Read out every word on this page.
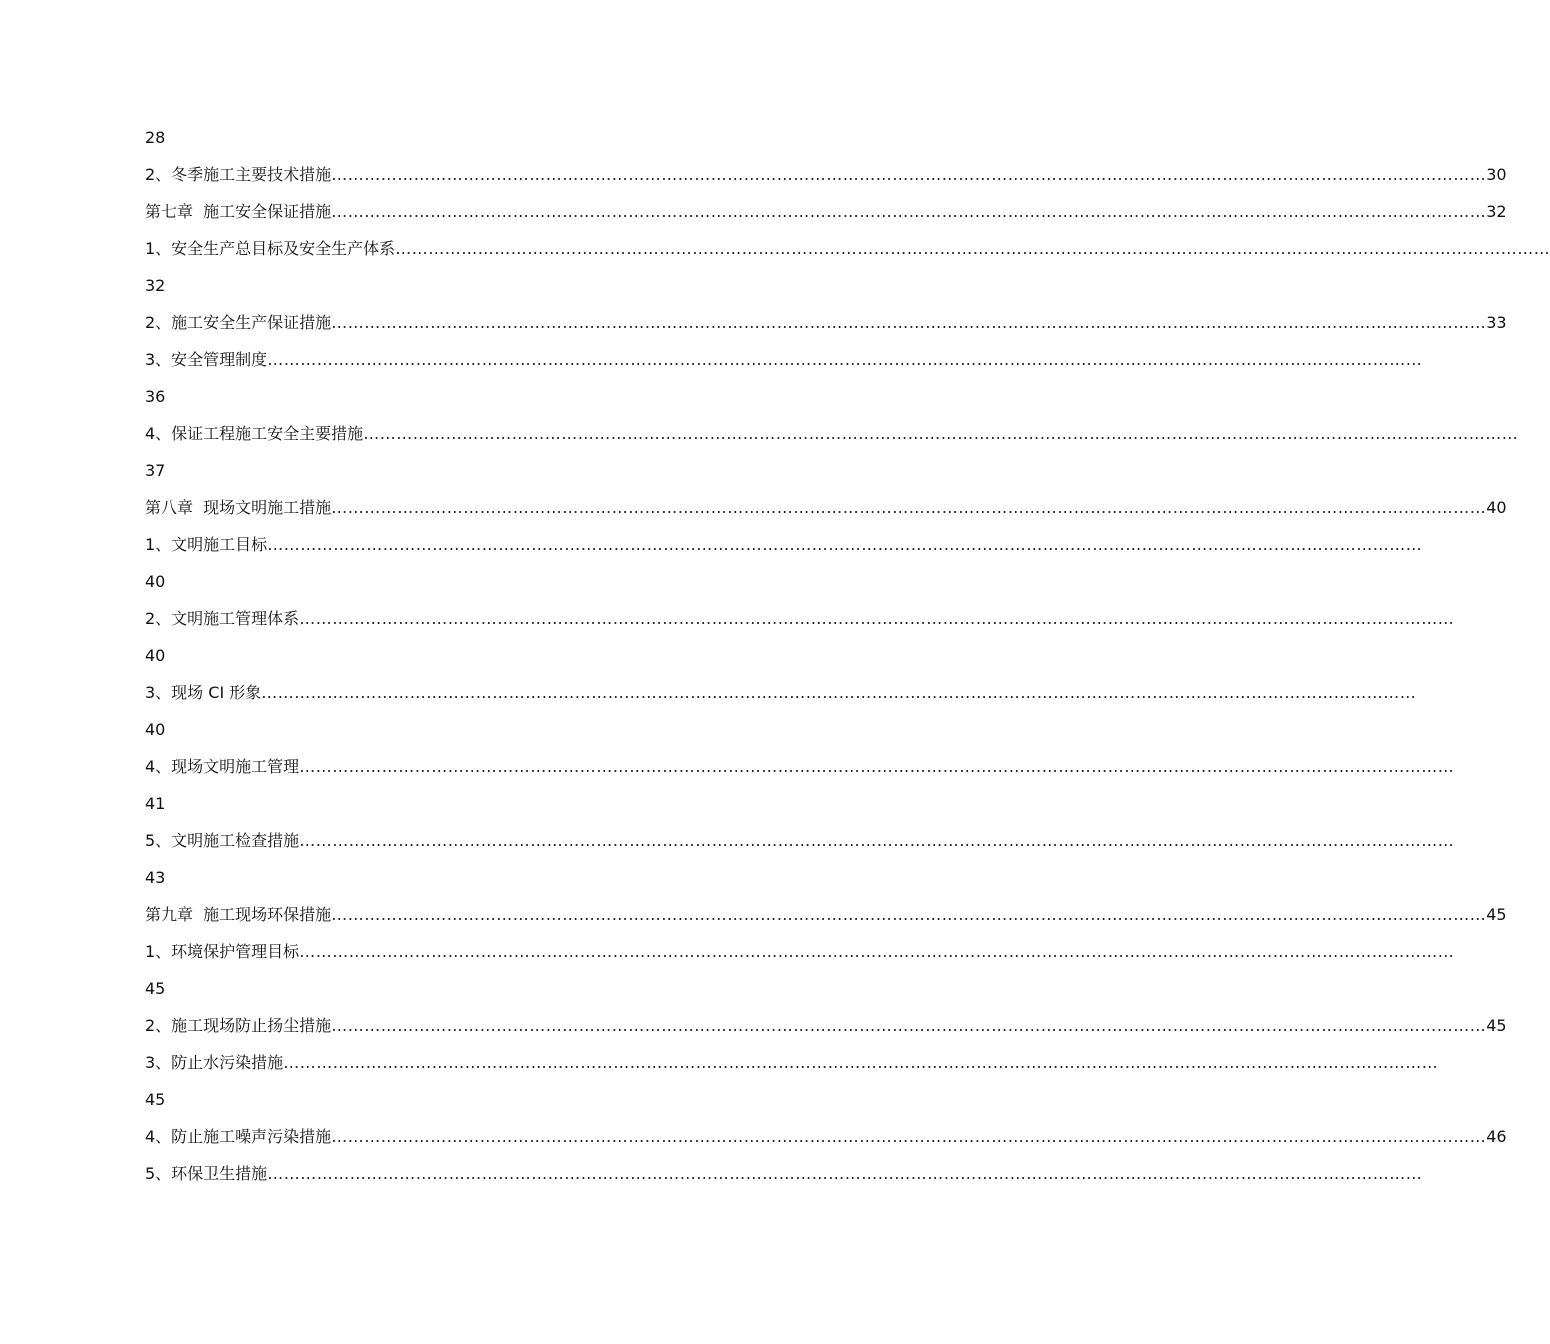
28
2、冬季施工主要技术措施 ………………………………………………………………………………………………………………………………………………………………………………………… 30
第七章  施工安全保证措施 ………………………………………………………………………………………………………………………………………………………………………………………… 32
1、安全生产总目标及安全生产体系 …………………………………………………………………………………………………………………………………………………………………………………………
32
2、施工安全生产保证措施 ………………………………………………………………………………………………………………………………………………………………………………………… 33
3、安全管理制度 …………………………………………………………………………………………………………………………………………………………………………………………
36
4、保证工程施工安全主要措施 …………………………………………………………………………………………………………………………………………………………………………………………
37
第八章  现场文明施工措施 ………………………………………………………………………………………………………………………………………………………………………………………… 40
1、文明施工目标 …………………………………………………………………………………………………………………………………………………………………………………………
40
2、文明施工管理体系 …………………………………………………………………………………………………………………………………………………………………………………………
40
3、现场 CI 形象 …………………………………………………………………………………………………………………………………………………………………………………………
40
4、现场文明施工管理 …………………………………………………………………………………………………………………………………………………………………………………………
41
5、文明施工检查措施 …………………………………………………………………………………………………………………………………………………………………………………………
43
第九章  施工现场环保措施 ………………………………………………………………………………………………………………………………………………………………………………………… 45
1、环境保护管理目标 …………………………………………………………………………………………………………………………………………………………………………………………
45
2、施工现场防止扬尘措施 ………………………………………………………………………………………………………………………………………………………………………………………… 45
3、防止水污染措施 …………………………………………………………………………………………………………………………………………………………………………………………
45
4、防止施工噪声污染措施 ………………………………………………………………………………………………………………………………………………………………………………………… 46
5、环保卫生措施 …………………………………………………………………………………………………………………………………………………………………………………………
